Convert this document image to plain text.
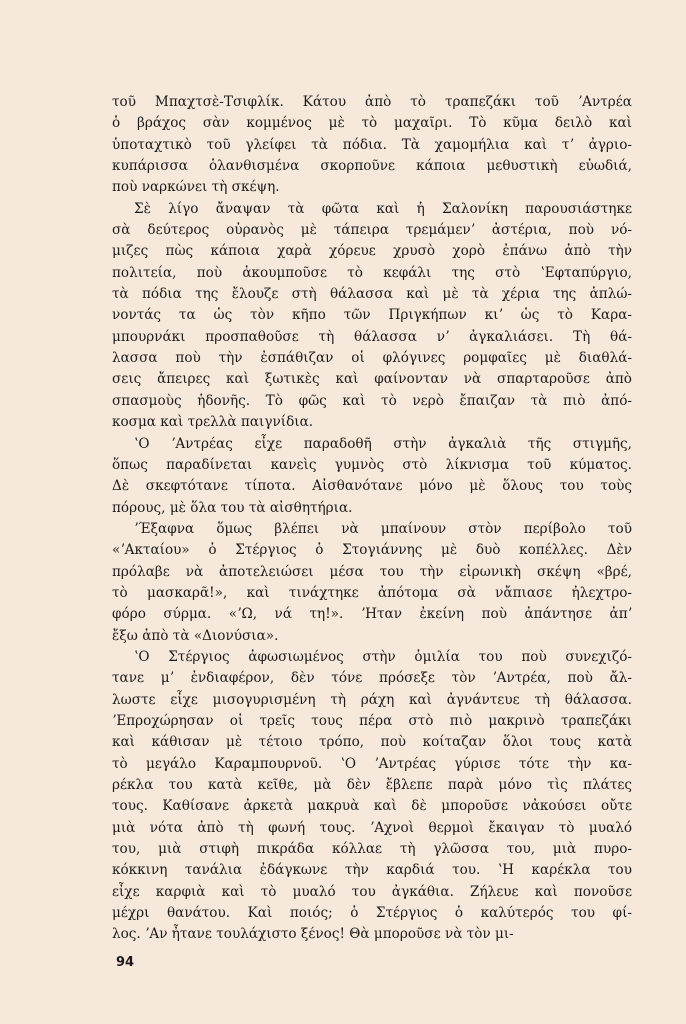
τοῦ Μπαχτσὲ-Τσιφλίκ. Κάτου ἀπὸ τὸ τραπεζάκι τοῦ ʼΑντρέα
ὁ βράχος σὰν κομμένος μὲ τὸ μαχαῖρι. Τὸ κῦμα δειλὸ καὶ
ὑποταχτικὸ τοῦ γλείφει τὰ πόδια. Τὰ χαμομήλια καὶ τʼ ἀγριο-
κυπάρισσα ὁλανθισμένα σκορποῦνε κάποια μεθυστικὴ εὐωδιά,
ποὺ ναρκώνει τὴ σκέψη.
Σὲ λίγο ἄναψαν τὰ φῶτα καὶ ἡ Σαλονίκη παρουσιάστηκε
σὰ δεύτερος οὐρανὸς μὲ τάπειρα τρεμάμενʼ ἀστέρια, ποὺ νό-
μιζες πὼς κάποια χαρὰ χόρευε χρυσὸ χορὸ ἐπάνω ἀπὸ τὴν
πολιτεία, ποὺ ἀκουμποῦσε τὸ κεφάλι της στὸ ʽΕφταπύργιο,
τὰ πόδια της ἔλουζε στὴ θάλασσα καὶ μὲ τὰ χέρια της ἁπλώ-
νοντάς τα ὡς τὸν κῆπο τῶν Πριγκήπων κιʼ ὡς τὸ Καρα-
μπουρνάκι προσπαθοῦσε τὴ θάλασσα νʼ ἀγκαλιάσει. Τὴ θά-
λασσα ποὺ τὴν ἐσπάθιζαν οἱ φλόγινες ρομφαῖες μὲ διαθλά-
σεις ἄπειρες καὶ ξωτικὲς καὶ φαίνονταν νὰ σπαρταροῦσε ἀπὸ
σπασμοὺς ἡδονῆς. Τὸ φῶς καὶ τὸ νερὸ ἔπαιζαν τὰ πιὸ ἀπό-
κοσμα καὶ τρελλὰ παιγνίδια.
ʽΟ ʼΑντρέας εἶχε παραδοθῆ στὴν ἀγκαλιὰ τῆς στιγμῆς,
ὅπως παραδίνεται κανεὶς γυμνὸς στὸ λίκνισμα τοῦ κύματος.
Δὲ σκεφτότανε τίποτα. Αἰσθανότανε μόνο μὲ ὅλους του τοὺς
πόρους, μὲ ὅλα του τὰ αἰσθητήρια.
ʼΈξαφνα ὅμως βλέπει νὰ μπαίνουν στὸν περίβολο τοῦ
«ʼΑκταίου» ὁ Στέργιος ὁ Στογιάννης μὲ δυὸ κοπέλλες. Δὲν
πρόλαβε νὰ ἀποτελειώσει μέσα του τὴν εἰρωνικὴ σκέψη «βρέ,
τὸ μασκαρᾶ!», καὶ τινάχτηκε ἀπότομα σὰ νἄπιασε ἠλεχτρο-
φόρο σύρμα. «ʼΩ, νά τη!». ʼΗταν ἐκείνη ποὺ ἀπάντησε ἀπʼ
ἔξω ἀπὸ τὰ «Διονύσια».
ʽΟ Στέργιος ἀφωσιωμένος στὴν ὁμιλία του ποὺ συνεχιζό-
τανε μʼ ἐνδιαφέρον, δὲν τόνε πρόσεξε τὸν ʼΑντρέα, ποὺ ἄλ-
λωστε εἶχε μισογυρισμένη τὴ ράχη καὶ ἀγνάντευε τὴ θάλασσα.
ʼΕπροχώρησαν οἱ τρεῖς τους πέρα στὸ πιὸ μακρινὸ τραπεζάκι
καὶ κάθισαν μὲ τέτοιο τρόπο, ποὺ κοίταζαν ὅλοι τους κατὰ
τὸ μεγάλο Καραμπουρνοῦ. ʽΟ ʼΑντρέας γύρισε τότε τὴν κα-
ρέκλα του κατὰ κεῖθε, μὰ δὲν ἔβλεπε παρὰ μόνο τὶς πλάτες
τους. Καθίσανε ἀρκετὰ μακρυὰ καὶ δὲ μποροῦσε νἀκούσει οὔτε
μιὰ νότα ἀπὸ τὴ φωνή τους. ʼΑχνοὶ θερμοὶ ἔκαιγαν τὸ μυαλό
του, μιὰ στιφὴ πικράδα κόλλαε τὴ γλῶσσα του, μιὰ πυρο-
κόκκινη τανάλια ἐδάγκωνε τὴν καρδιά του. ʽΗ καρέκλα του
εἶχε καρφιὰ καὶ τὸ μυαλό του ἀγκάθια. Ζήλευε καὶ πονοῦσε
μέχρι θανάτου. Καὶ ποιός; ὁ Στέργιος ὁ καλύτερός του φί-
λος. ʼΑν ἦτανε τουλάχιστο ξένος! Θὰ μποροῦσε νὰ τὸν μι-
94
